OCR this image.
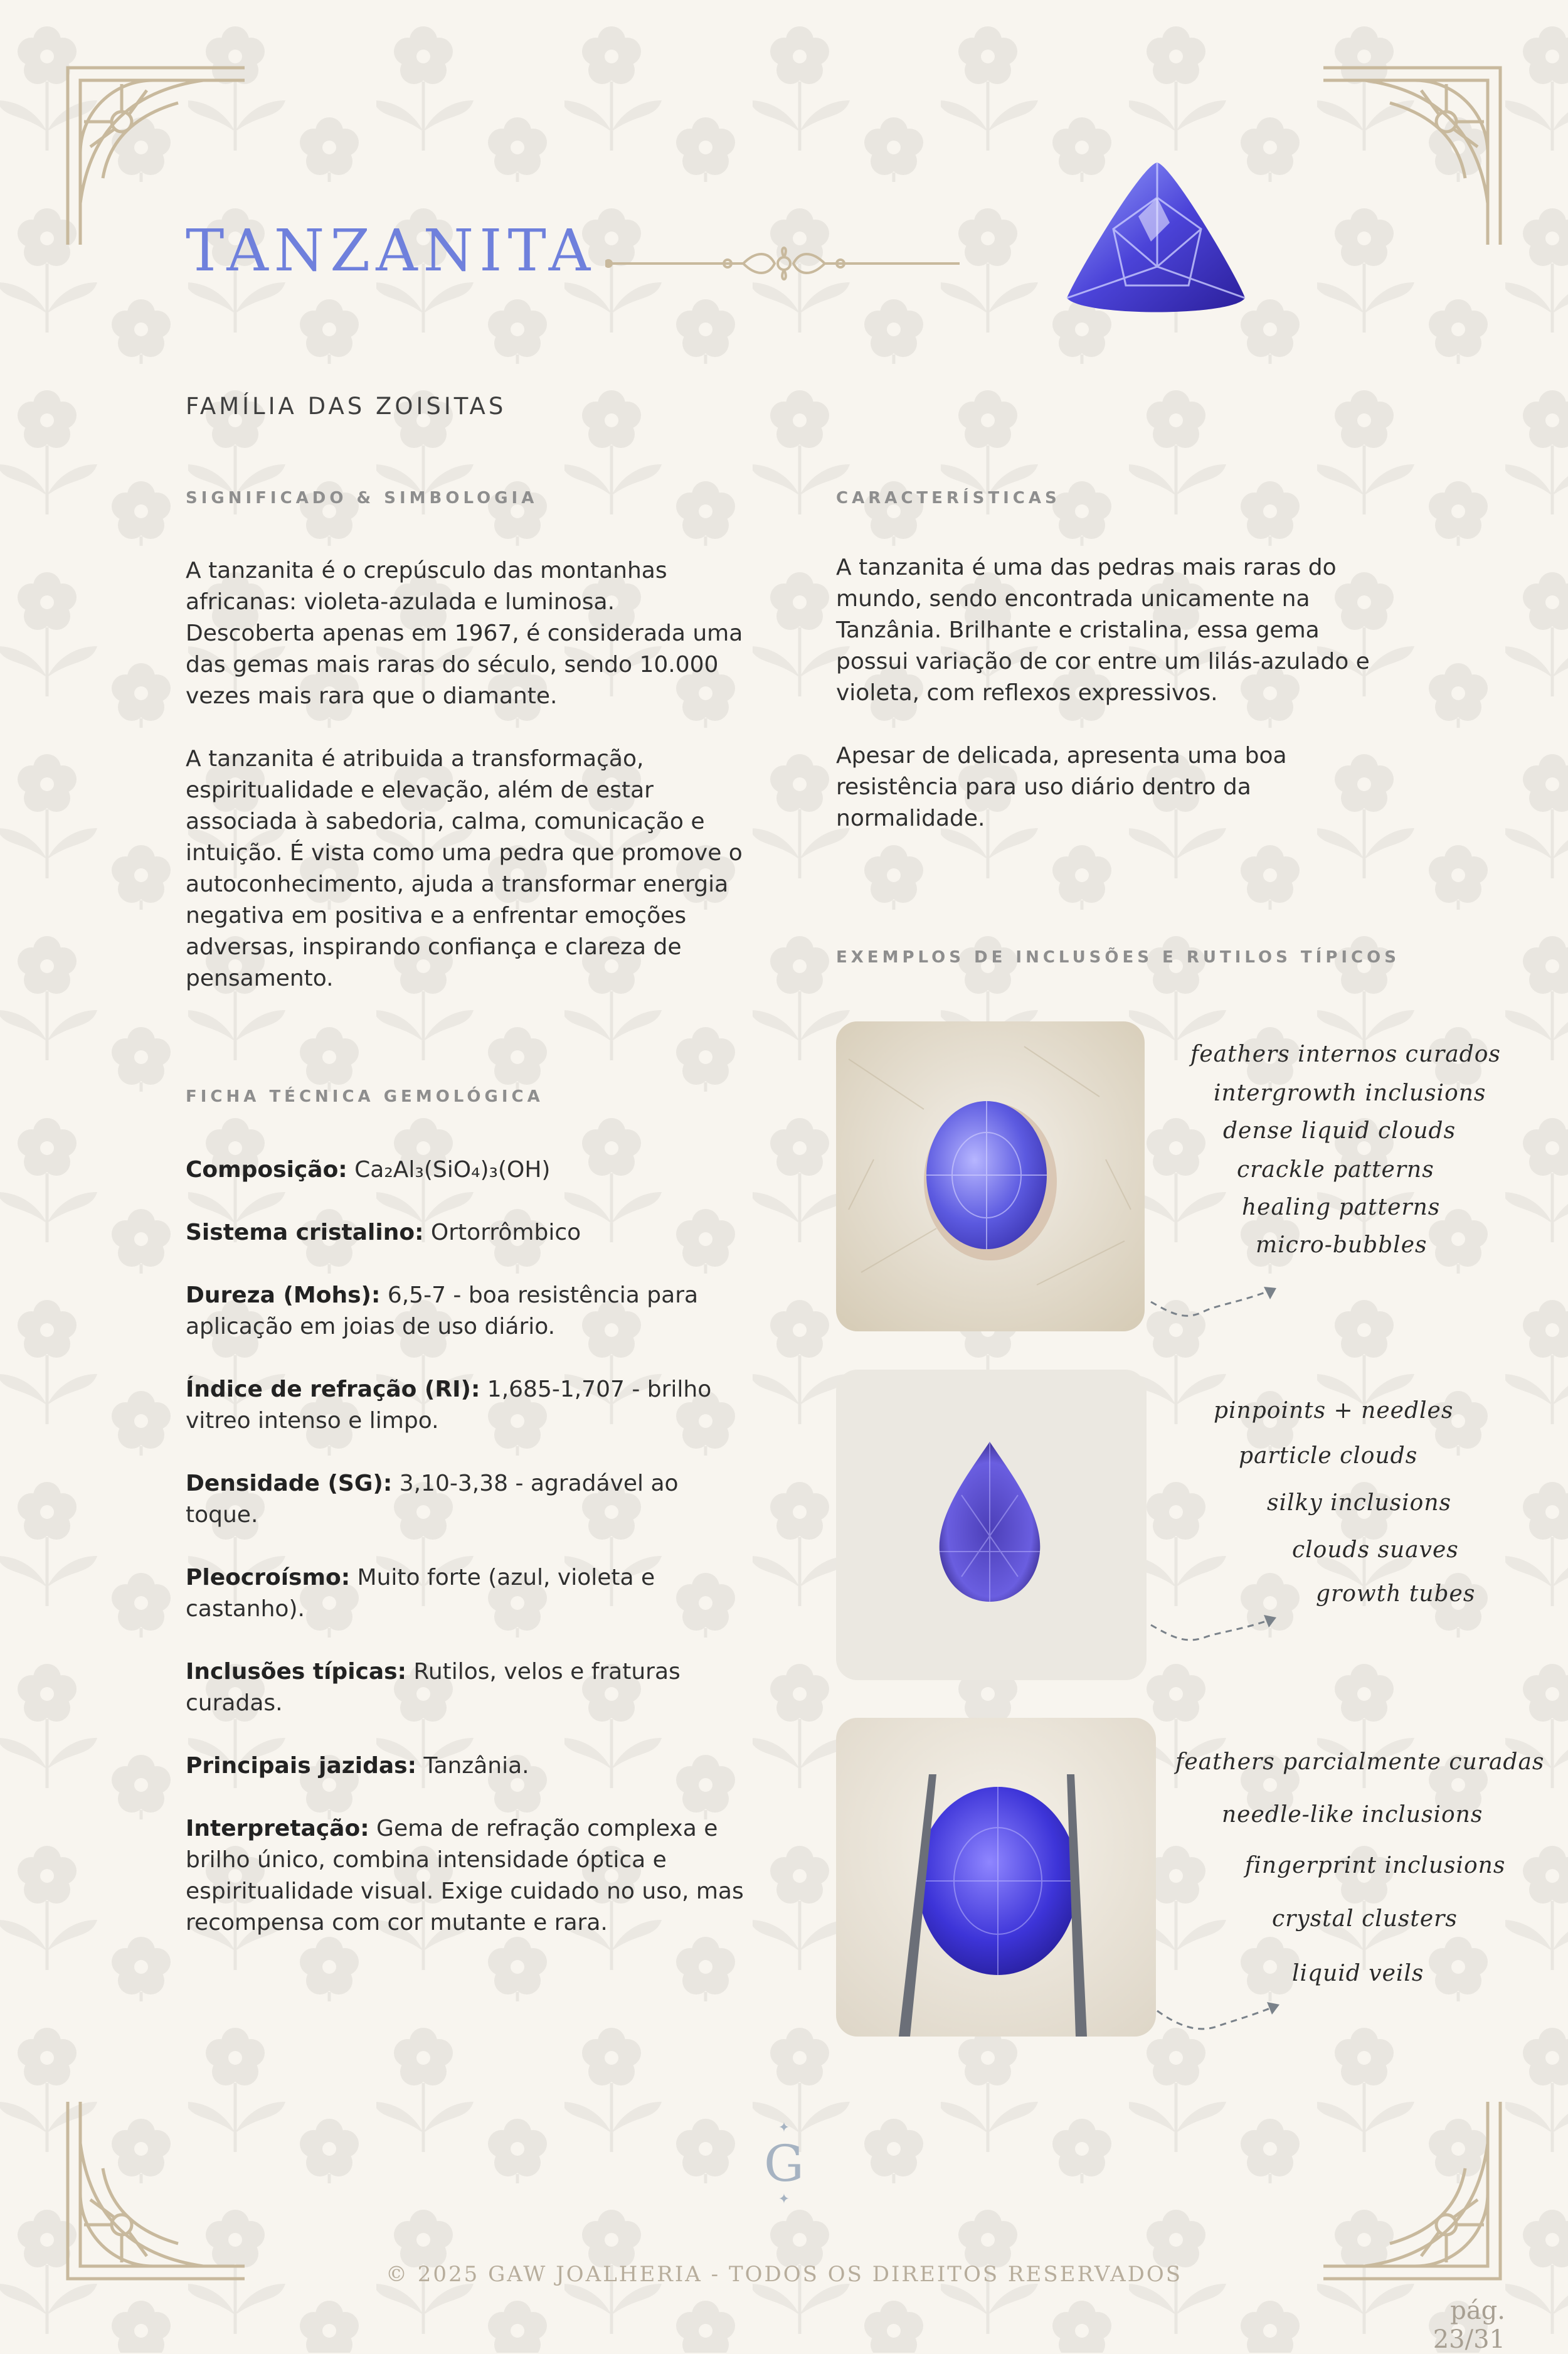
TANZANITA
FAMÍLIA DAS ZOISITAS
SIGNIFICADO & SIMBOLOGIA

A tanzanita é o crepúsculo das montanhas africanas: violeta-azulada e luminosa. Descoberta apenas em 1967, é considerada uma das gemas mais raras do século, sendo 10.000 vezes mais rara que o diamante.

A tanzanita é atribuida a transformação, espiritualidade e elevação, além de estar associada à sabedoria, calma, comunicação e intuição. É vista como uma pedra que promove o autoconhecimento, ajuda a transformar energia negativa em positiva e a enfrentar emoções adversas, inspirando confiança e clareza de pensamento.

CARACTERÍSTICAS

A tanzanita é uma das pedras mais raras do mundo, sendo encontrada unicamente na Tanzânia. Brilhante e cristalina, essa gema possui variação de cor entre um lilás-azulado e violeta, com reflexos expressivos.

Apesar de delicada, apresenta uma boa resistência para uso diário dentro da normalidade.

FICHA TÉCNICA GEMOLÓGICA

Composição: Ca₂Al₃(SiO₄)₃(OH)

Sistema cristalino: Ortorrômbico

Dureza (Mohs): 6,5-7 - boa resistência para aplicação em joias de uso diário.

Índice de refração (RI): 1,685-1,707 - brilho vitreo intenso e limpo.

Densidade (SG): 3,10-3,38 - agradável ao toque.

Pleocroísmo: Muito forte (azul, violeta e castanho).

Inclusões típicas: Rutilos, velos e fraturas curadas.

Principais jazidas: Tanzânia.

Interpretação: Gema de refração complexa e brilho único, combina intensidade óptica e espiritualidade visual. Exige cuidado no uso, mas recompensa com cor mutante e rara.

EXEMPLOS DE INCLUSÕES E RUTILOS TÍPICOS
feathers internos curados
intergrowth inclusions
dense liquid clouds
crackle patterns
healing patterns
micro-bubbles
pinpoints + needles
particle clouds
silky inclusions
clouds suaves
growth tubes
feathers parcialmente curadas
needle-like inclusions
fingerprint inclusions
crystal clusters
liquid veils
✦
G
✦
© 2025 GAW JOALHERIA - TODOS OS DIREITOS RESERVADOS
pág. 23/31
